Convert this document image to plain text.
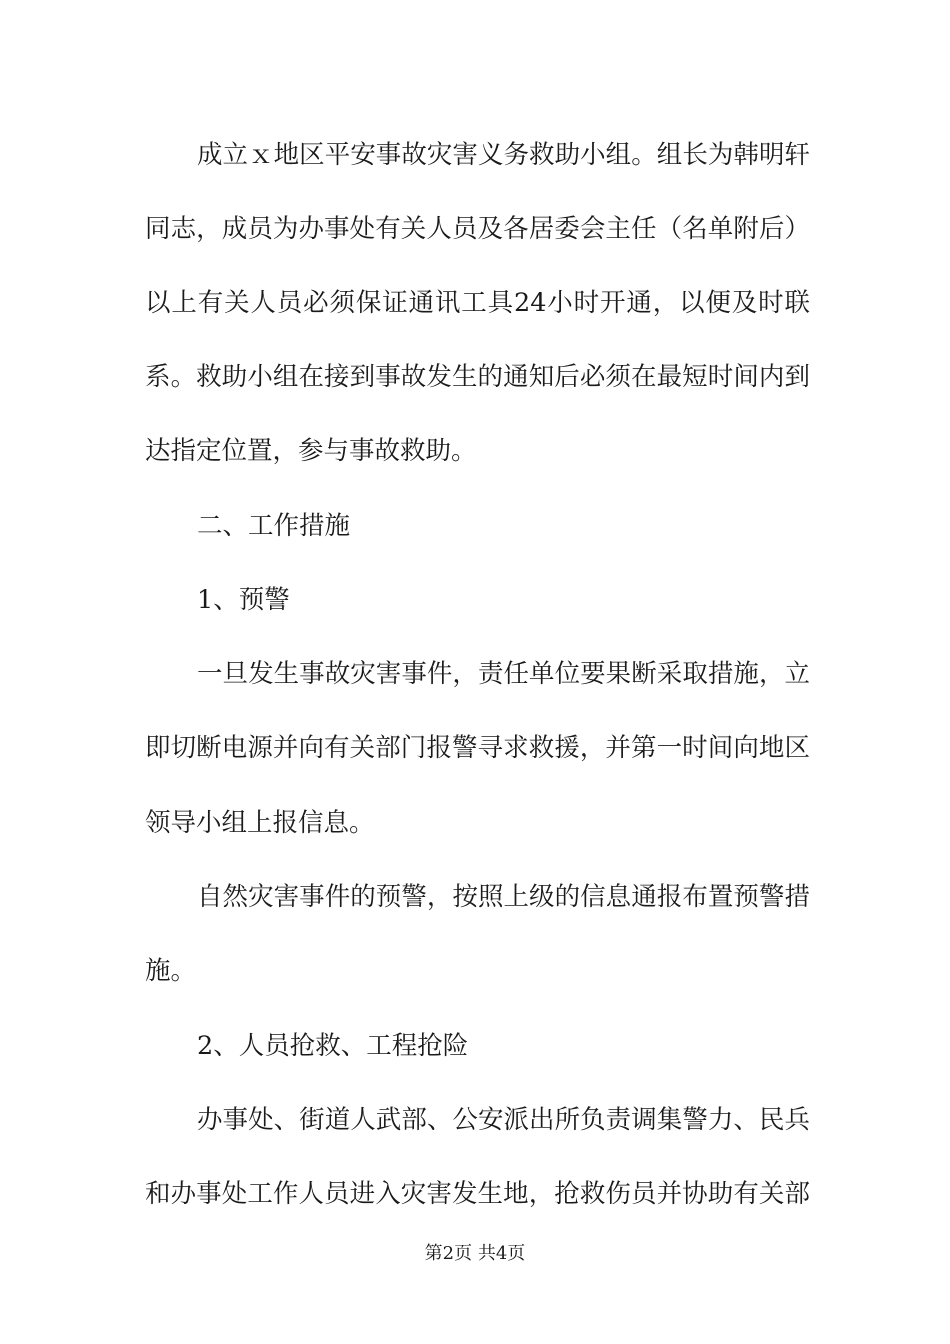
成立ｘ地区平安事故灾害义务救助小组。组长为韩明轩
同志，成员为办事处有关人员及各居委会主任（名单附后）
以上有关人员必须保证通讯工具24小时开通，以便及时联
系。救助小组在接到事故发生的通知后必须在最短时间内到
达指定位置，参与事故救助。
二、工作措施
1、预警
一旦发生事故灾害事件，责任单位要果断采取措施，立
即切断电源并向有关部门报警寻求救援，并第一时间向地区
领导小组上报信息。
自然灾害事件的预警，按照上级的信息通报布置预警措
施。
2、人员抢救、工程抢险
办事处、街道人武部、公安派出所负责调集警力、民兵
和办事处工作人员进入灾害发生地，抢救伤员并协助有关部
第2页 共4页
